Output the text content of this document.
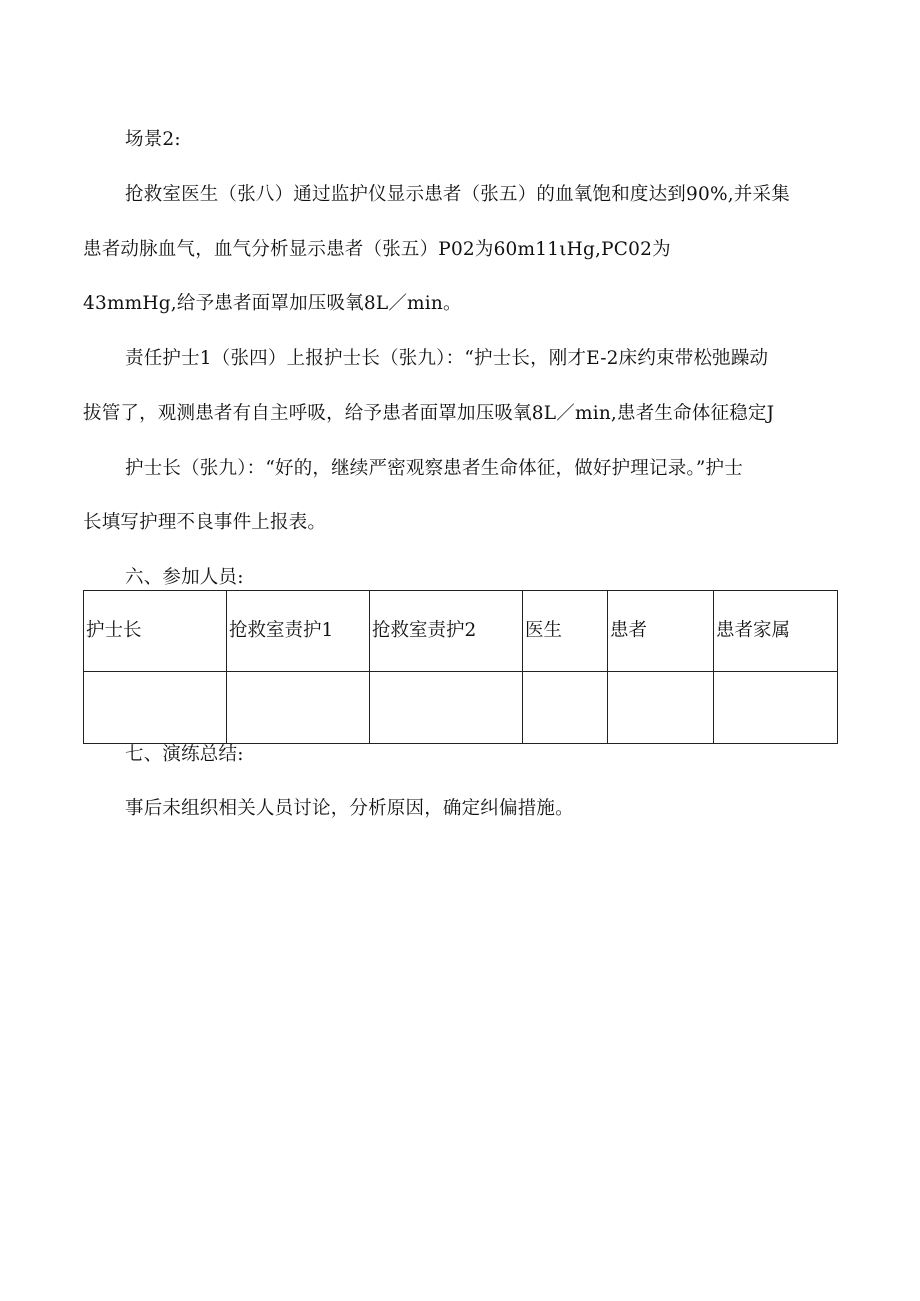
场景2:
抢救室医生（张八）通过监护仪显示患者（张五）的血氧饱和度达到90%,并采集
患者动脉血气，血气分析显示患者（张五）P02为60m11ιHg,PC02为
43mmHg,给予患者面罩加压吸氧8L／min。
责任护士1（张四）上报护士长（张九）：“护士长，刚才E-2床约束带松弛躁动
拔管了，观测患者有自主呼吸，给予患者面罩加压吸氧8L／min,患者生命体征稳定J
护士长（张九）：“好的，继续严密观察患者生命体征，做好护理记录。”护士
长填写护理不良事件上报表。
六、参加人员:
护士长	抢救室责护1	抢救室责护2	医生	患者	患者家属

七、演练总结:
事后未组织相关人员讨论，分析原因，确定纠偏措施。
